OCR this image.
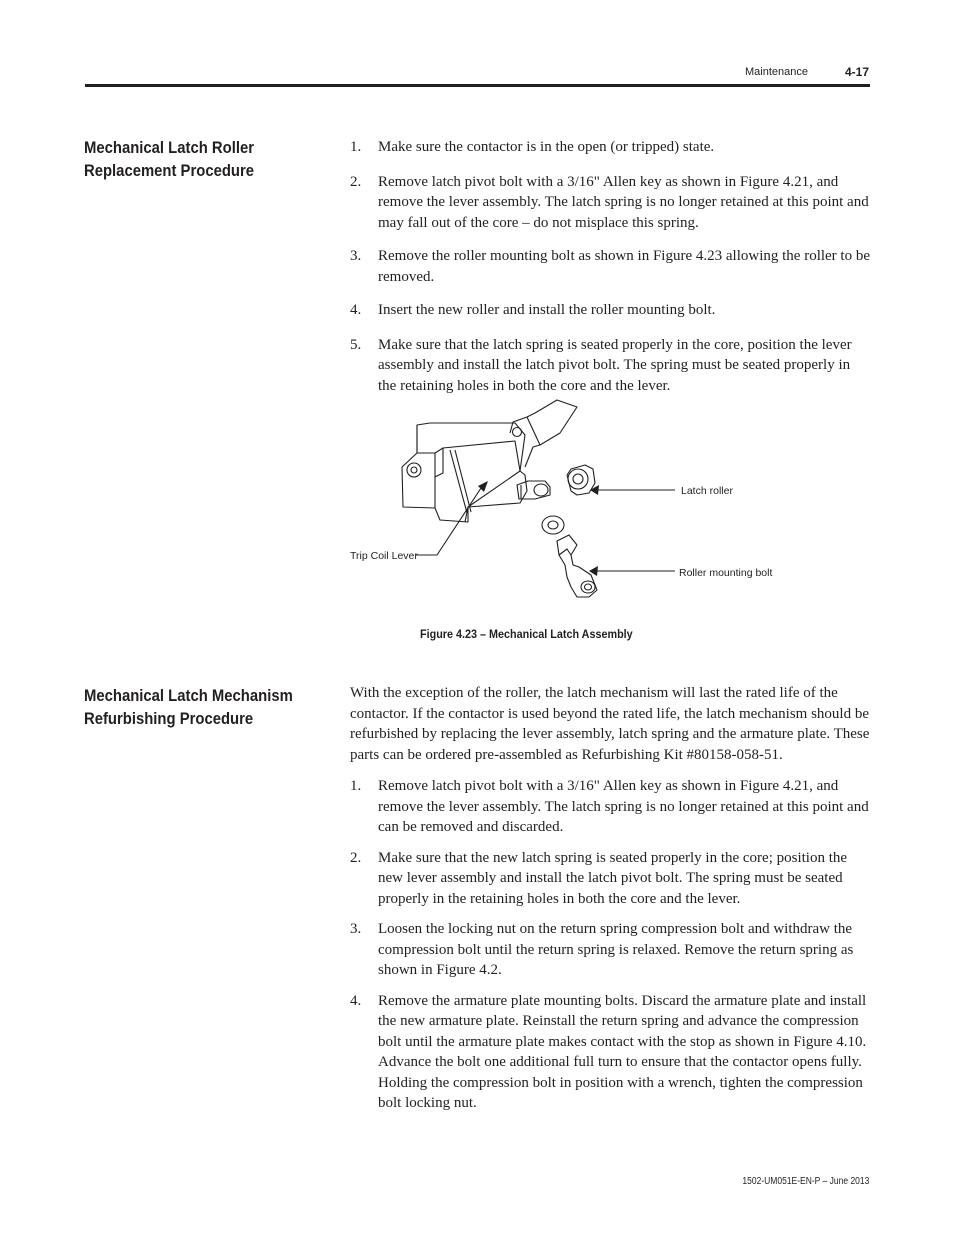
Maintenance	4-17
Mechanical Latch Roller
Replacement Procedure
1. Make sure the contactor is in the open (or tripped) state.
2. Remove latch pivot bolt with a 3/16" Allen key as shown in Figure 4.21, and remove the lever assembly. The latch spring is no longer retained at this point and may fall out of the core – do not misplace this spring.
3. Remove the roller mounting bolt as shown in Figure 4.23 allowing the roller to be removed.
4. Insert the new roller and install the roller mounting bolt.
5. Make sure that the latch spring is seated properly in the core, position the lever assembly and install the latch pivot bolt. The spring must be seated properly in the retaining holes in both the core and the lever.
Latch roller
Trip Coil Lever
Roller mounting bolt
Figure 4.23 – Mechanical Latch Assembly
Mechanical Latch Mechanism
Refurbishing Procedure

With the exception of the roller, the latch mechanism will last the rated life of the contactor. If the contactor is used beyond the rated life, the latch mechanism should be refurbished by replacing the lever assembly, latch spring and the armature plate. These parts can be ordered pre-assembled as Refurbishing Kit #80158-058-51.

1. Remove latch pivot bolt with a 3/16" Allen key as shown in Figure 4.21, and remove the lever assembly. The latch spring is no longer retained at this point and can be removed and discarded.
2. Make sure that the new latch spring is seated properly in the core; position the new lever assembly and install the latch pivot bolt. The spring must be seated properly in the retaining holes in both the core and the lever.
3. Loosen the locking nut on the return spring compression bolt and withdraw the compression bolt until the return spring is relaxed. Remove the return spring as shown in Figure 4.2.
4. Remove the armature plate mounting bolts. Discard the armature plate and install the new armature plate. Reinstall the return spring and advance the compression bolt until the armature plate makes contact with the stop as shown in Figure 4.10. Advance the bolt one additional full turn to ensure that the contactor opens fully. Holding the compression bolt in position with a wrench, tighten the compression bolt locking nut.
1502-UM051E-EN-P – June 2013
